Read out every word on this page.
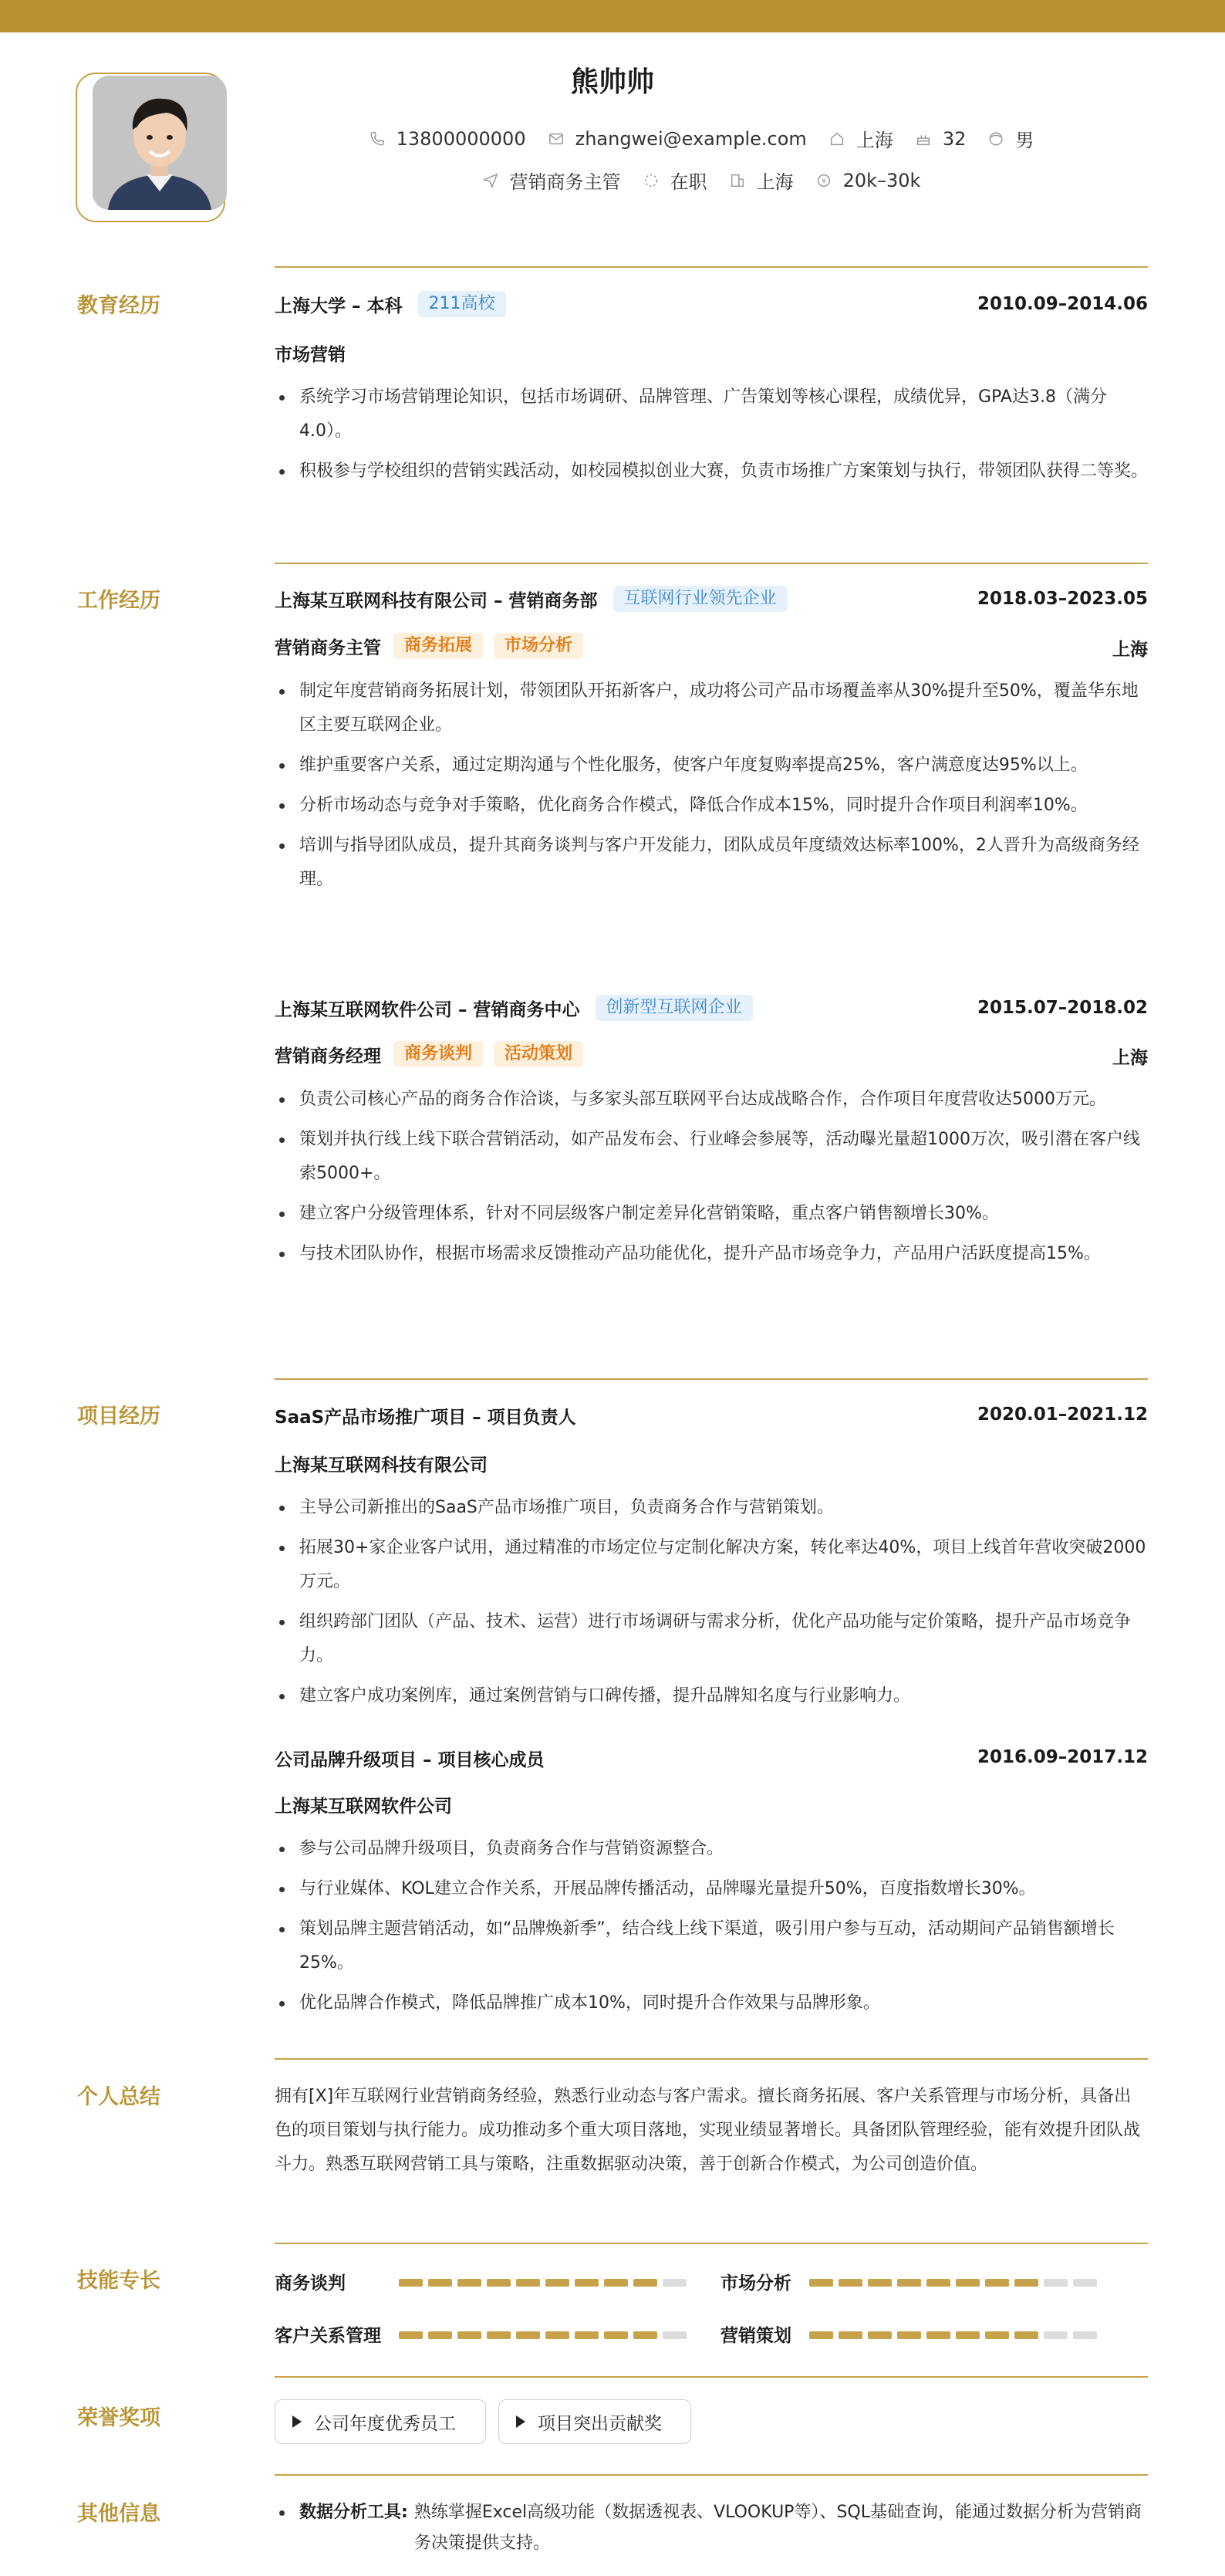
熊帅帅
13800000000	zhangwei@example.com	上海	32	男
营销商务主管	在职	上海	¥ 20k–30k
教育经历	上海大学 – 本科	211高校	2010.09–2014.06
市场营销

系统学习市场营销理论知识，包括市场调研、品牌管理、广告策划等核心课程，成绩优异，GPA达3.8（满分4.0）。

积极参与学校组织的营销实践活动，如校园模拟创业大赛，负责市场推广方案策划与执行，带领团队获得二等奖。

工作经历	上海某互联网科技有限公司 – 营销商务部	互联网行业领先企业	2018.03–2023.05
营销商务主管	商务拓展	市场分析	上海

制定年度营销商务拓展计划，带领团队开拓新客户，成功将公司产品市场覆盖率从30%提升至50%，覆盖华东地区主要互联网企业。

维护重要客户关系，通过定期沟通与个性化服务，使客户年度复购率提高25%，客户满意度达95%以上。

分析市场动态与竞争对手策略，优化商务合作模式，降低合作成本15%，同时提升合作项目利润率10%。

培训与指导团队成员，提升其商务谈判与客户开发能力，团队成员年度绩效达标率100%，2人晋升为高级商务经理。

上海某互联网软件公司 – 营销商务中心	创新型互联网企业	2015.07–2018.02
营销商务经理	商务谈判	活动策划	上海

负责公司核心产品的商务合作洽谈，与多家头部互联网平台达成战略合作，合作项目年度营收达5000万元。

策划并执行线上线下联合营销活动，如产品发布会、行业峰会参展等，活动曝光量超1000万次，吸引潜在客户线索5000+。

建立客户分级管理体系，针对不同层级客户制定差异化营销策略，重点客户销售额增长30%。

与技术团队协作，根据市场需求反馈推动产品功能优化，提升产品市场竞争力，产品用户活跃度提高15%。

项目经历	SaaS产品市场推广项目 – 项目负责人	2020.01–2021.12
上海某互联网科技有限公司

主导公司新推出的SaaS产品市场推广项目，负责商务合作与营销策划。

拓展30+家企业客户试用，通过精准的市场定位与定制化解决方案，转化率达40%，项目上线首年营收突破2000万元。

组织跨部门团队（产品、技术、运营）进行市场调研与需求分析，优化产品功能与定价策略，提升产品市场竞争力。

建立客户成功案例库，通过案例营销与口碑传播，提升品牌知名度与行业影响力。

公司品牌升级项目 – 项目核心成员	2016.09–2017.12
上海某互联网软件公司

参与公司品牌升级项目，负责商务合作与营销资源整合。

与行业媒体、KOL建立合作关系，开展品牌传播活动，品牌曝光量提升50%，百度指数增长30%。

策划品牌主题营销活动，如“品牌焕新季”，结合线上线下渠道，吸引用户参与互动，活动期间产品销售额增长25%。

优化品牌合作模式，降低品牌推广成本10%，同时提升合作效果与品牌形象。

个人总结	拥有[X]年互联网行业营销商务经验，熟悉行业动态与客户需求。擅长商务拓展、客户关系管理与市场分析，具备出色的项目策划与执行能力。成功推动多个重大项目落地，实现业绩显著增长。具备团队管理经验，能有效提升团队战斗力。熟悉互联网营销工具与策略，注重数据驱动决策，善于创新合作模式，为公司创造价值。
技能专长	商务谈判	市场分析
客户关系管理	营销策划
荣誉奖项	公司年度优秀员工	项目突出贡献奖
其他信息	数据分析工具: 熟练掌握Excel高级功能（数据透视表、VLOOKUP等）、SQL基础查询，能通过数据分析为营销商务决策提供支持。
